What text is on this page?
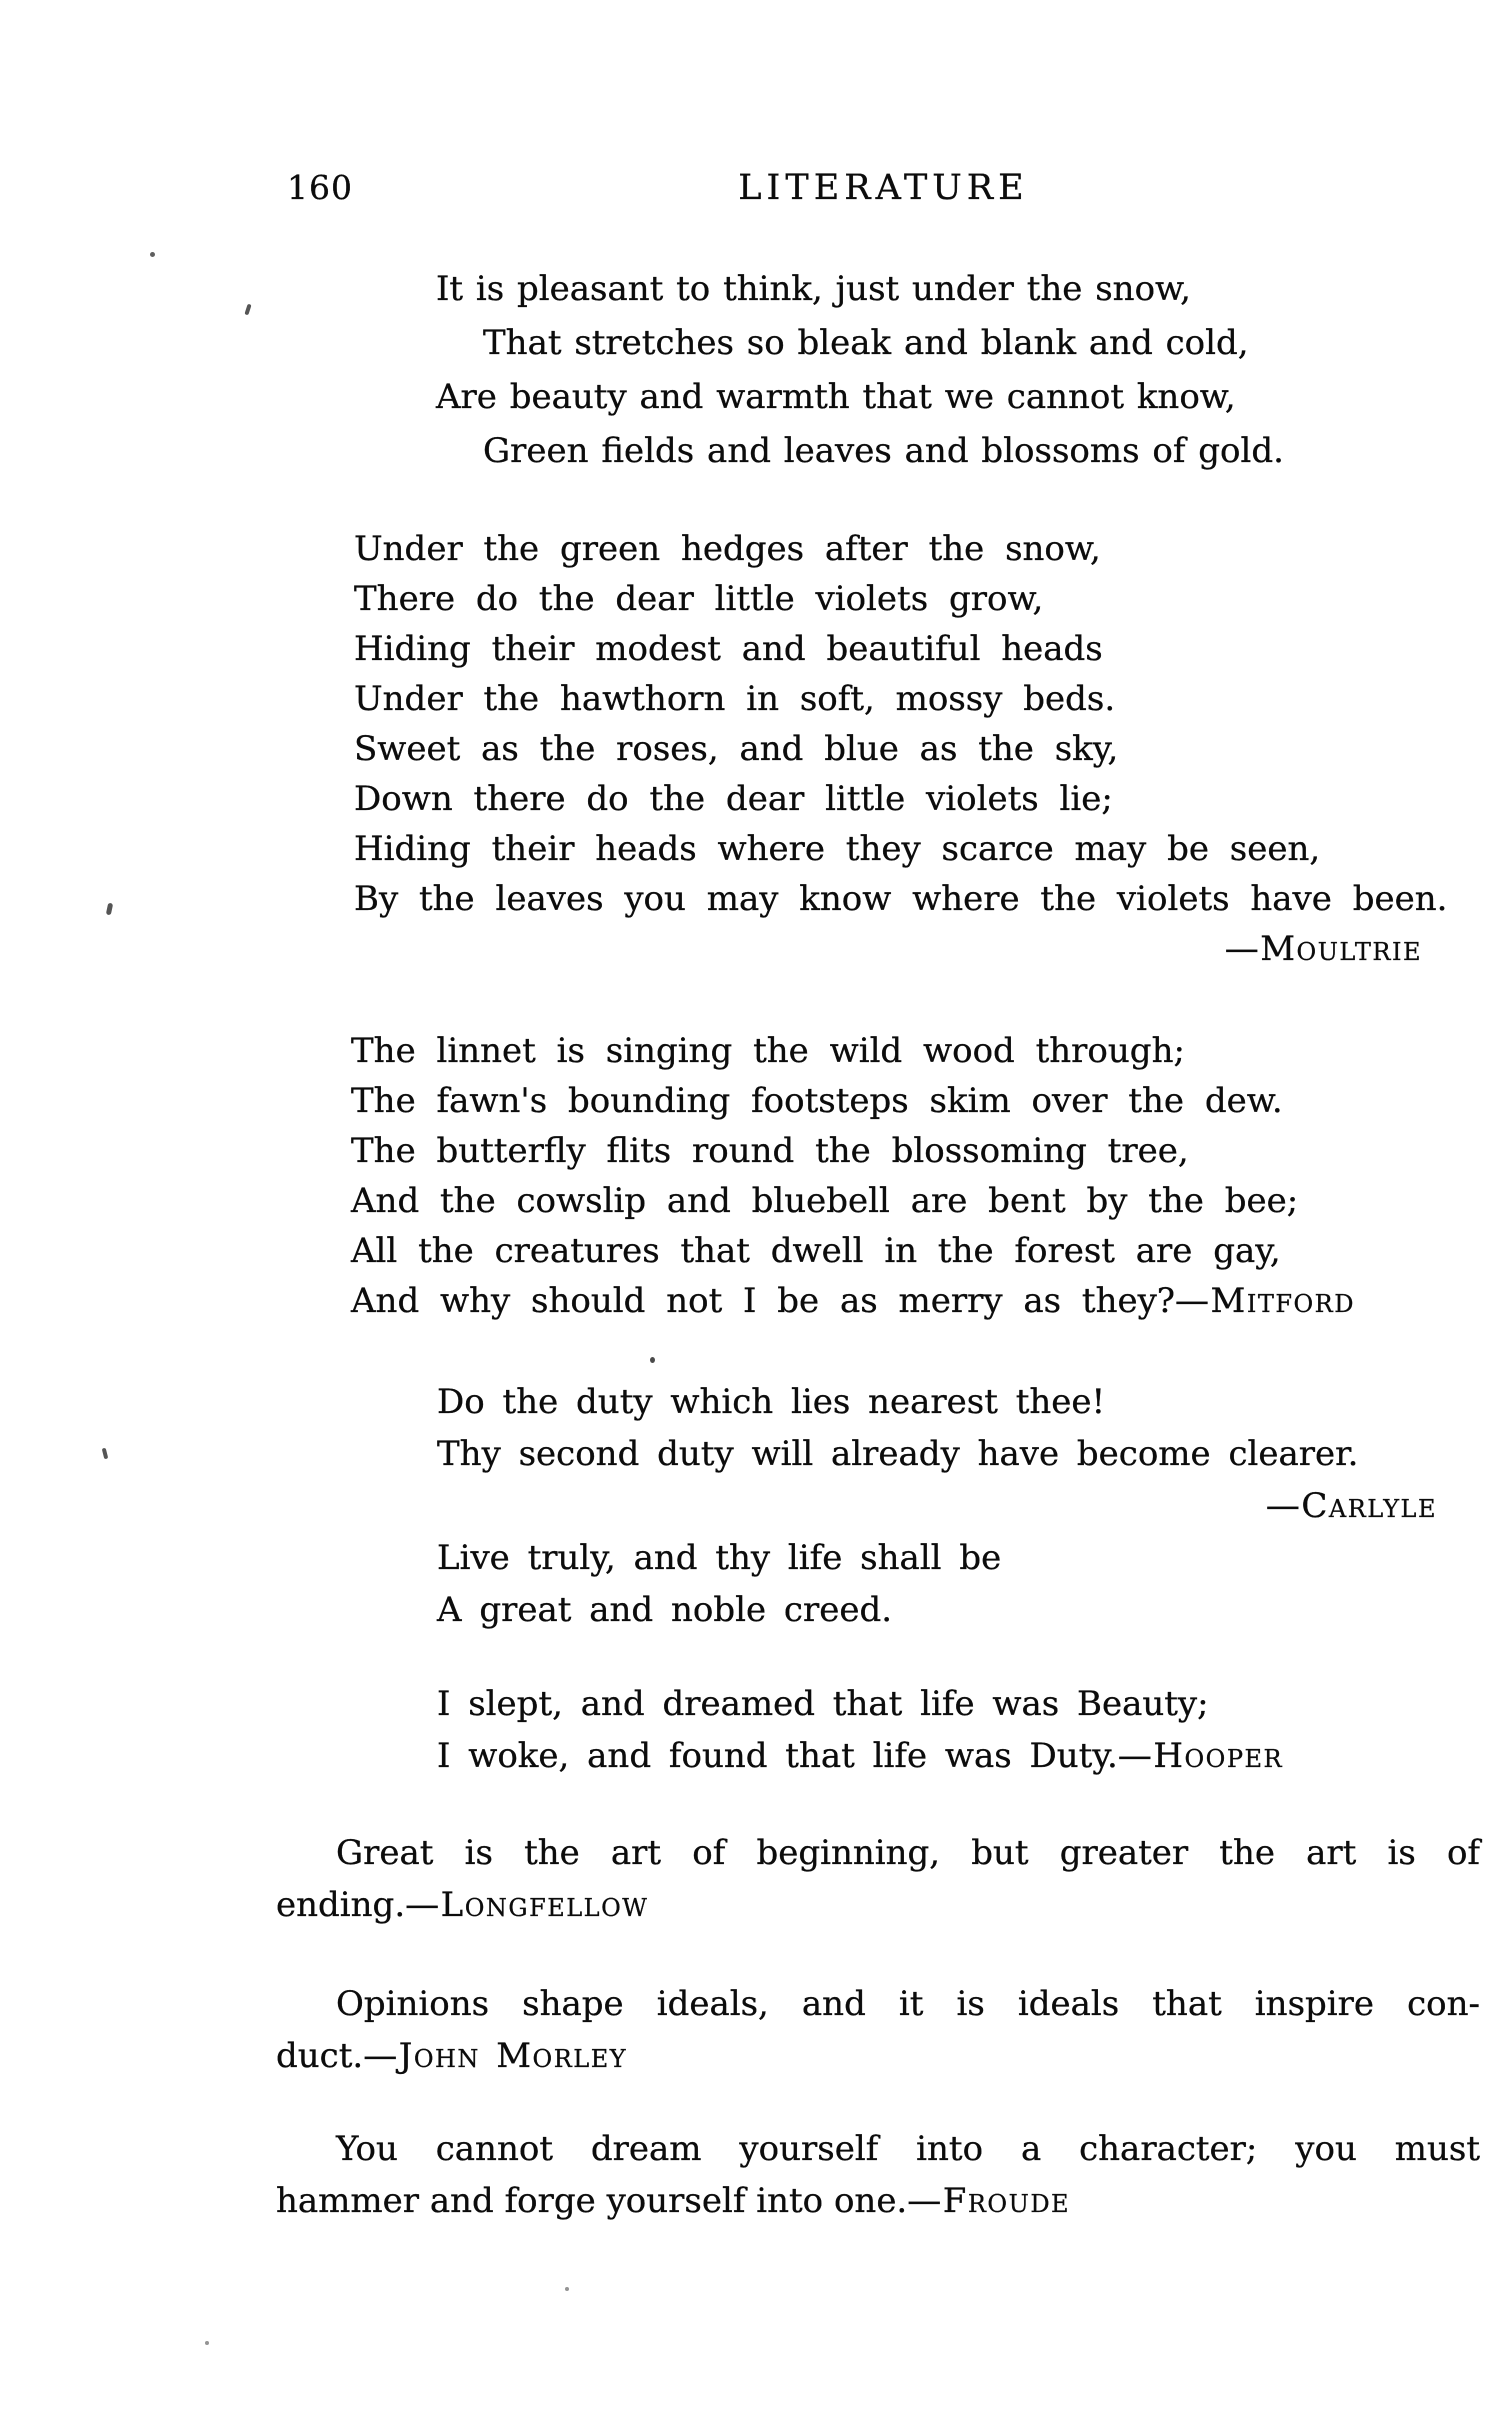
160	LITERATURE
It is pleasant to think, just under the snow,
That stretches so bleak and blank and cold,
Are beauty and warmth that we cannot know,
Green fields and leaves and blossoms of gold.
Under the green hedges after the snow,
There do the dear little violets grow,
Hiding their modest and beautiful heads
Under the hawthorn in soft, mossy beds.
Sweet as the roses, and blue as the sky,
Down there do the dear little violets lie;
Hiding their heads where they scarce may be seen,
By the leaves you may know where the violets have been.
—Moultrie
The linnet is singing the wild wood through;
The fawn's bounding footsteps skim over the dew.
The butterfly flits round the blossoming tree,
And the cowslip and bluebell are bent by the bee;
All the creatures that dwell in the forest are gay,
And why should not I be as merry as they?—Mitford
Do the duty which lies nearest thee!
Thy second duty will already have become clearer.
—Carlyle
Live truly, and thy life shall be
A great and noble creed.
I slept, and dreamed that life was Beauty;
I woke, and found that life was Duty.—Hooper
Great is the art of beginning, but greater the art is of
ending.—Longfellow
Opinions shape ideals, and it is ideals that inspire con-
duct.—John Morley
You cannot dream yourself into a character; you must
hammer and forge yourself into one.—Froude
